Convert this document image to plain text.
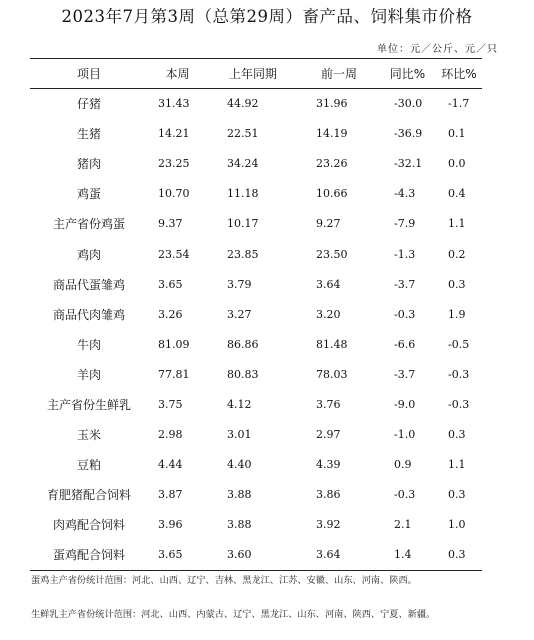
2023年7月第3周（总第29周）畜产品、饲料集市价格
单位：元／公斤、元／只
项目	本周	上年同期	前一周	同比%	环比%
仔猪	31.43	44.92	31.96	-30.0	-1.7
生猪	14.21	22.51	14.19	-36.9	0.1
猪肉	23.25	34.24	23.26	-32.1	0.0
鸡蛋	10.70	11.18	10.66	-4.3	0.4
主产省份鸡蛋	9.37	10.17	9.27	-7.9	1.1
鸡肉	23.54	23.85	23.50	-1.3	0.2
商品代蛋雏鸡	3.65	3.79	3.64	-3.7	0.3
商品代肉雏鸡	3.26	3.27	3.20	-0.3	1.9
牛肉	81.09	86.86	81.48	-6.6	-0.5
羊肉	77.81	80.83	78.03	-3.7	-0.3
主产省份生鲜乳	3.75	4.12	3.76	-9.0	-0.3
玉米	2.98	3.01	2.97	-1.0	0.3
豆粕	4.44	4.40	4.39	0.9	1.1
育肥猪配合饲料	3.87	3.88	3.86	-0.3	0.3
肉鸡配合饲料	3.96	3.88	3.92	2.1	1.0
蛋鸡配合饲料	3.65	3.60	3.64	1.4	0.3

蛋鸡主产省份统计范围：河北、山西、辽宁、吉林、黑龙江、江苏、安徽、山东、河南、陕西。

生鲜乳主产省份统计范围：河北、山西、内蒙古、辽宁、黑龙江、山东、河南、陕西、宁夏、新疆。
